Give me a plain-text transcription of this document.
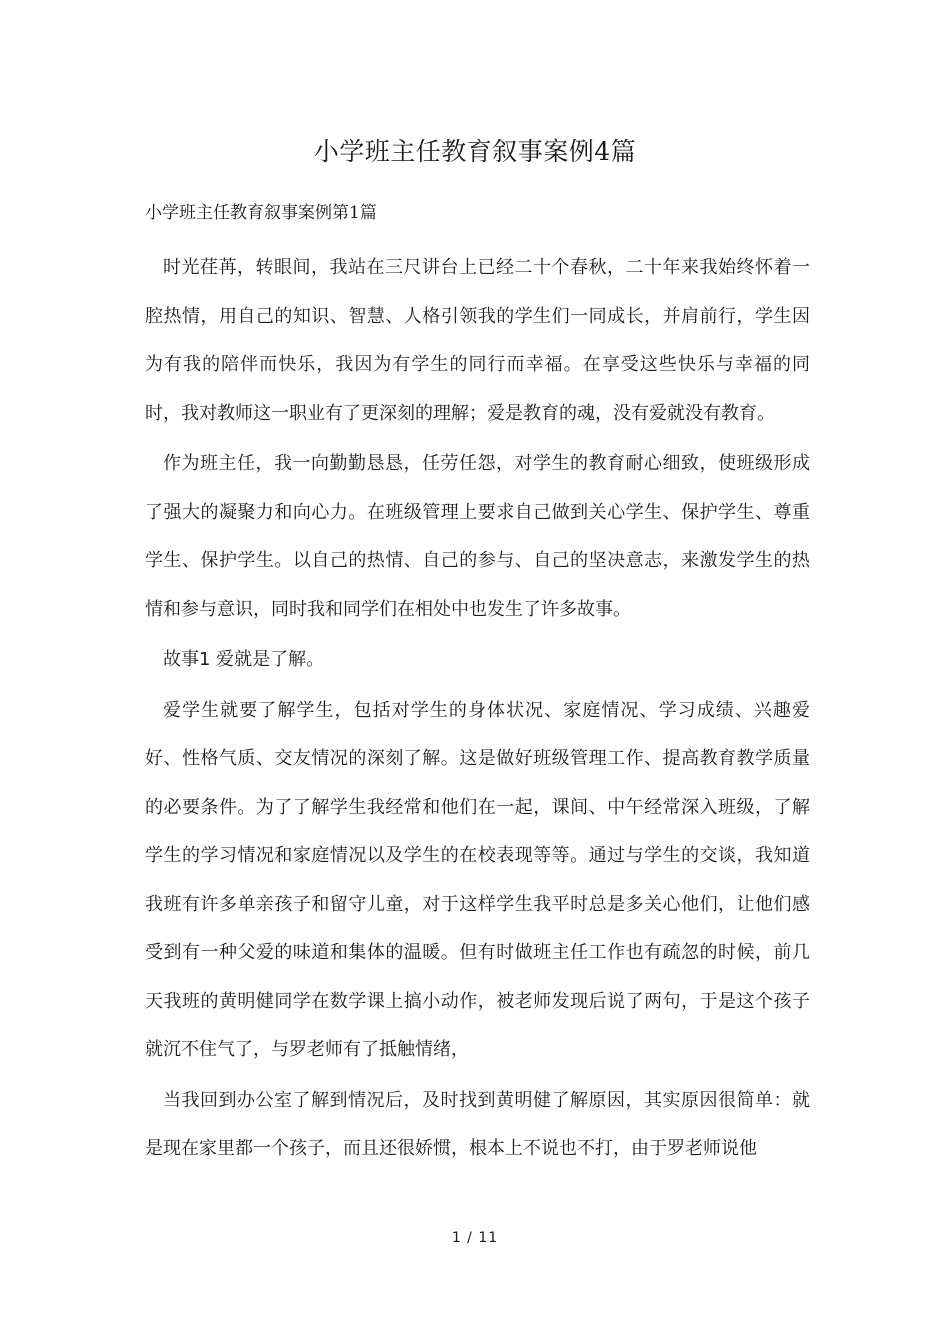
小学班主任教育叙事案例4篇
小学班主任教育叙事案例第1篇

时光荏苒，转眼间，我站在三尺讲台上已经二十个春秋，二十年来我始终怀着一腔热情，用自己的知识、智慧、人格引领我的学生们一同成长，并肩前行，学生因为有我的陪伴而快乐，我因为有学生的同行而幸福。在享受这些快乐与幸福的同时，我对教师这一职业有了更深刻的理解；爱是教育的魂，没有爱就没有教育。

作为班主任，我一向勤勤恳恳，任劳任怨，对学生的教育耐心细致，使班级形成了强大的凝聚力和向心力。在班级管理上要求自己做到关心学生、保护学生、尊重学生、保护学生。以自己的热情、自己的参与、自己的坚决意志，来激发学生的热情和参与意识，同时我和同学们在相处中也发生了许多故事。

故事1 爱就是了解。

爱学生就要了解学生，包括对学生的身体状况、家庭情况、学习成绩、兴趣爱好、性格气质、交友情况的深刻了解。这是做好班级管理工作、提高教育教学质量的必要条件。为了了解学生我经常和他们在一起，课间、中午经常深入班级，了解学生的学习情况和家庭情况以及学生的在校表现等等。通过与学生的交谈，我知道我班有许多单亲孩子和留守儿童，对于这样学生我平时总是多关心他们，让他们感受到有一种父爱的味道和集体的温暖。但有时做班主任工作也有疏忽的时候，前几天我班的黄明健同学在数学课上搞小动作，被老师发现后说了两句，于是这个孩子就沉不住气了，与罗老师有了抵触情绪，

当我回到办公室了解到情况后，及时找到黄明健了解原因，其实原因很简单：就是现在家里都一个孩子，而且还很娇惯，根本上不说也不打，由于罗老师说他

1 / 11
